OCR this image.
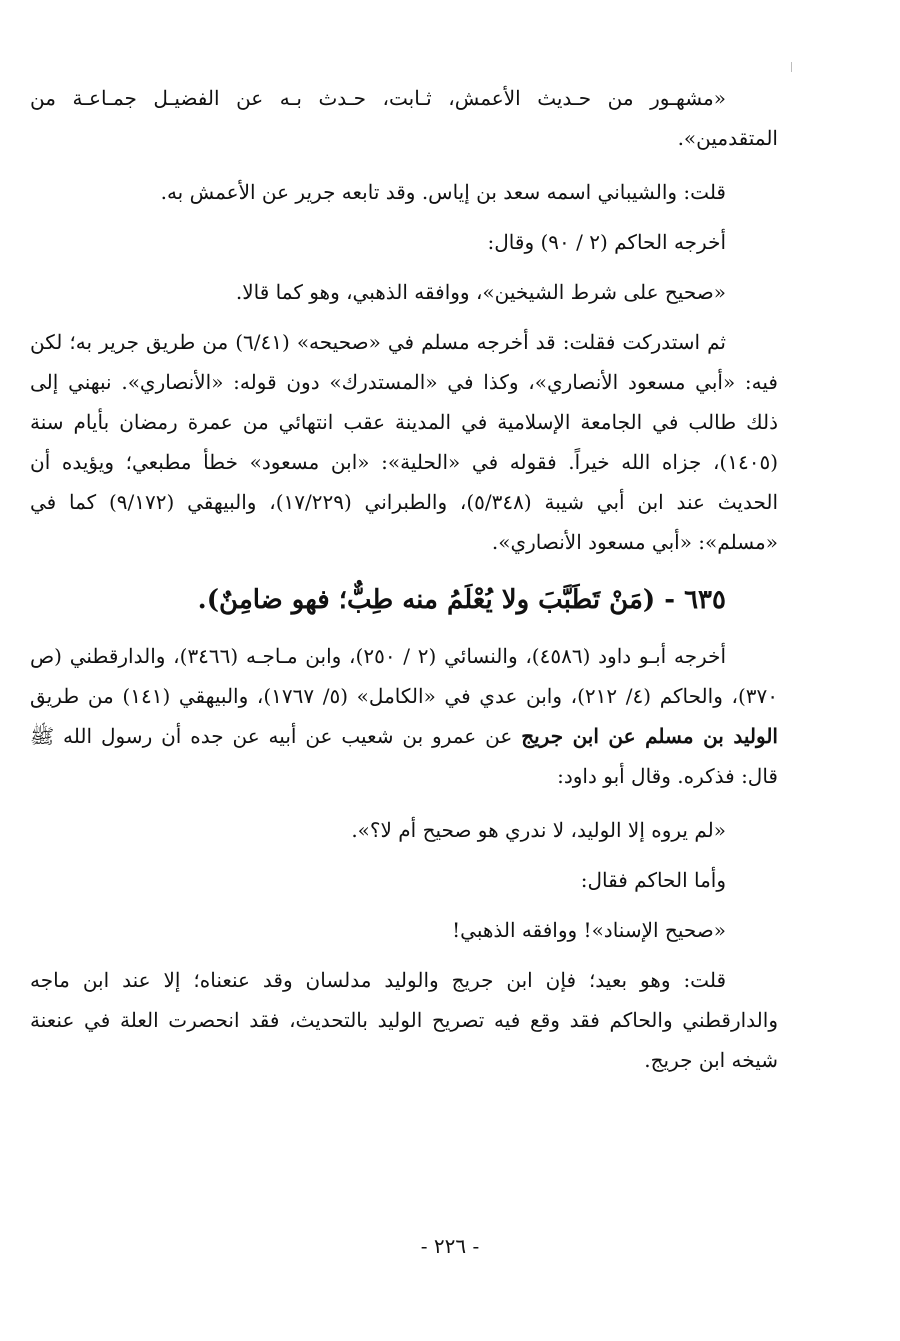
«مشهـور من حـديث الأعمش، ثـابت، حـدث بـه عن الفضيـل جمـاعـة من المتقدمين».

قلت: والشيباني اسمه سعد بن إياس. وقد تابعه جرير عن الأعمش به.

أخرجه الحاكم (٢ / ٩٠) وقال:

«صحيح على شرط الشيخين»، ووافقه الذهبي، وهو كما قالا.

ثم استدركت فقلت: قد أخرجه مسلم في «صحيحه» (٦/٤١) من طريق جرير به؛ لكن فيه: «أبي مسعود الأنصاري»، وكذا في «المستدرك» دون قوله: «الأنصاري». نبهني إلى ذلك طالب في الجامعة الإسلامية في المدينة عقب انتهائي من عمرة رمضان بأيام سنة (١٤٠٥)، جزاه الله خيراً. فقوله في «الحلية»: «ابن مسعود» خطأ مطبعي؛ ويؤيده أن الحديث عند ابن أبي شيبة (٥/٣٤٨)، والطبراني (١٧/٢٢٩)، والبيهقي (٩/١٧٢) كما في «مسلم»: «أبي مسعود الأنصاري».

٦٣٥ - (مَنْ تَطَبَّبَ ولا يُعْلَمُ منه طِبٌّ؛ فهو ضامِنٌ).

أخرجه أبـو داود (٤٥٨٦)، والنسائي (٢ / ٢٥٠)، وابن مـاجـه (٣٤٦٦)، والدارقطني (ص ٣٧٠)، والحاكم (٤/ ٢١٢)، وابن عدي في «الكامل» (٥/ ١٧٦٧)، والبيهقي (١٤١) من طريق الوليد بن مسلم عن ابن جريج عن عمرو بن شعيب عن أبيه عن جده أن رسول الله ﷺ قال: فذكره. وقال أبو داود:

«لم يروه إلا الوليد، لا ندري هو صحيح أم لا؟».

وأما الحاكم فقال:

«صحيح الإسناد»! ووافقه الذهبي!

قلت: وهو بعيد؛ فإن ابن جريج والوليد مدلسان وقد عنعناه؛ إلا عند ابن ماجه والدارقطني والحاكم فقد وقع فيه تصريح الوليد بالتحديث، فقد انحصرت العلة في عنعنة شيخه ابن جريج.

- ٢٢٦ -
